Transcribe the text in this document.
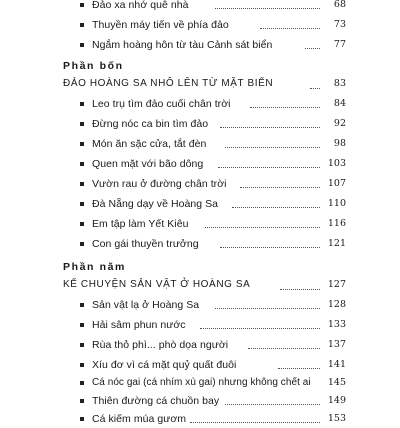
Đảo xa nhớ quê nhà	68
Thuyền máy tiến về phía đảo	73
Ngắm hoàng hôn từ tàu Cảnh sát biển	77
Phần bốn
ĐẢO HOÀNG SA NHÔ LÊN TỪ MẶT BIỂN	83
Leo trụ tìm đảo cuối chân trời	84
Đừng nóc ca bin tìm đảo	92
Món ăn sặc cửa, tắt đèn	98
Quen mặt với bão dông	103
Vườn rau ở đường chân trời	107
Đà Nẵng dạy về Hoàng Sa	110
Em tập làm Yết Kiêu	116
Con gái thuyền trưởng	121
Phần năm
KỂ CHUYỆN SẢN VẬT Ở HOÀNG SA	127
Sản vật lạ ở Hoàng Sa	128
Hải sâm phun nước	133
Rùa thỏ phì... phò dọa người	137
Xíu đơ vì cá mặt quỷ quất đuôi	141
Cá nóc gai (cá nhím xù gai) nhưng không chết ai	145
Thiên đường cá chuồn bay	149
Cá kiếm múa gươm	153
